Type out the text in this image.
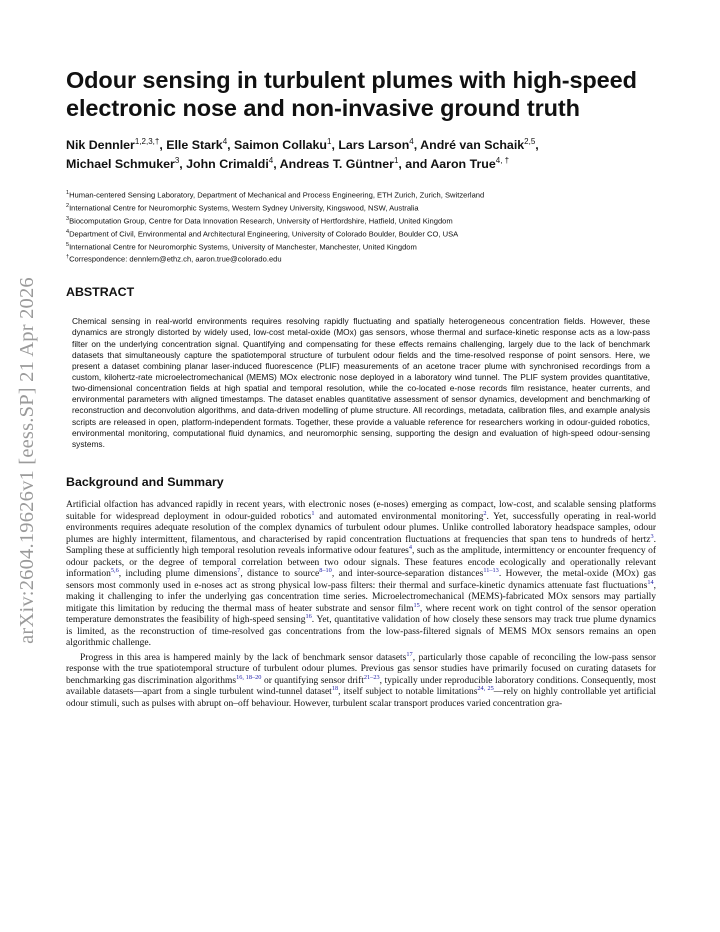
arXiv:2604.19626v1 [eess.SP] 21 Apr 2026
Odour sensing in turbulent plumes with high-speed electronic nose and non-invasive ground truth
Nik Dennler$^{1,2,3,\dagger}$, Elle Stark$^4$, Saimon Collaku$^1$, Lars Larson$^4$, André van Schaik$^{2,5}$,
Michael Schmuker$^3$, John Crimaldi$^4$, Andreas T. Güntner$^1$, and Aaron True$^{4, \dagger}$
$^1$Human-centered Sensing Laboratory, Department of Mechanical and Process Engineering, ETH Zurich, Zurich, Switzerland
$^2$International Centre for Neuromorphic Systems, Western Sydney University, Kingswood, NSW, Australia
$^3$Biocomputation Group, Centre for Data Innovation Research, University of Hertfordshire, Hatfield, United Kingdom
$^4$Department of Civil, Environmental and Architectural Engineering, University of Colorado Boulder, Boulder CO, USA
$^5$International Centre for Neuromorphic Systems, University of Manchester, Manchester, United Kingdom
†Correspondence: dennlern@ethz.ch, aaron.true@colorado.edu
ABSTRACT
Chemical sensing in real-world environments requires resolving rapidly fluctuating and spatially heterogeneous concentration fields. However, these dynamics are strongly distorted by widely used, low-cost metal-oxide (MOx) gas sensors, whose thermal and surface-kinetic response acts as a low-pass filter on the underlying concentration signal. Quantifying and compensating for these effects remains challenging, largely due to the lack of benchmark datasets that simultaneously capture the spatiotemporal structure of turbulent odour fields and the time-resolved response of point sensors. Here, we present a dataset combining planar laser-induced fluorescence (PLIF) measurements of an acetone tracer plume with synchronised recordings from a custom, kilohertz-rate microelectromechanical (MEMS) MOx electronic nose deployed in a laboratory wind tunnel. The PLIF system provides quantitative, two-dimensional concentration fields at high spatial and temporal resolution, while the co-located e-nose records film resistance, heater currents, and environmental parameters with aligned timestamps. The dataset enables quantitative assessment of sensor dynamics, development and benchmarking of reconstruction and deconvolution algorithms, and data-driven modelling of plume structure. All recordings, metadata, calibration files, and example analysis scripts are released in open, platform-independent formats. Together, these provide a valuable reference for researchers working in odour-guided robotics, environmental monitoring, computational fluid dynamics, and neuromorphic sensing, supporting the design and evaluation of high-speed odour-sensing systems.
Background and Summary

Artificial olfaction has advanced rapidly in recent years, with electronic noses (e-noses) emerging as compact, low-cost, and scalable sensing platforms suitable for widespread deployment in odour-guided robotics$^1$ and automated environmental monitoring$^2$. Yet, successfully operating in real-world environments requires adequate resolution of the complex dynamics of turbulent odour plumes. Unlike controlled laboratory headspace samples, odour plumes are highly intermittent, filamentous, and characterised by rapid concentration fluctuations at frequencies that span tens to hundreds of hertz$^3$. Sampling these at sufficiently high temporal resolution reveals informative odour features$^4$, such as the amplitude, intermittency or encounter frequency of odour packets, or the degree of temporal correlation between two odour signals. These features encode ecologically and operationally relevant information$^{5,6}$, including plume dimensions$^7$, distance to source$^{8-10}$, and inter-source-separation distances$^{11-13}$. However, the metal-oxide (MOx) gas sensors most commonly used in e-noses act as strong physical low-pass filters: their thermal and surface-kinetic dynamics attenuate fast fluctuations$^{14}$, making it challenging to infer the underlying gas concentration time series. Microelectromechanical (MEMS)-fabricated MOx sensors may partially mitigate this limitation by reducing the thermal mass of heater substrate and sensor film$^{15}$, where recent work on tight control of the sensor operation temperature demonstrates the feasibility of high-speed sensing$^{16}$. Yet, quantitative validation of how closely these sensors may track true plume dynamics is limited, as the reconstruction of time-resolved gas concentrations from the low-pass-filtered signals of MEMS MOx sensors remains an open algorithmic challenge.

Progress in this area is hampered mainly by the lack of benchmark sensor datasets$^{17}$, particularly those capable of reconciling the low-pass sensor response with the true spatiotemporal structure of turbulent odour plumes. Previous gas sensor studies have primarily focused on curating datasets for benchmarking gas discrimination algorithms$^{16, 18-20}$ or quantifying sensor drift$^{21-23}$, typically under reproducible laboratory conditions. Consequently, most available datasets—apart from a single turbulent wind-tunnel dataset$^{18}$, itself subject to notable limitations$^{24, 25}$—rely on highly controllable yet artificial odour stimuli, such as pulses with abrupt on–off behaviour. However, turbulent scalar transport produces varied concentration gra-
